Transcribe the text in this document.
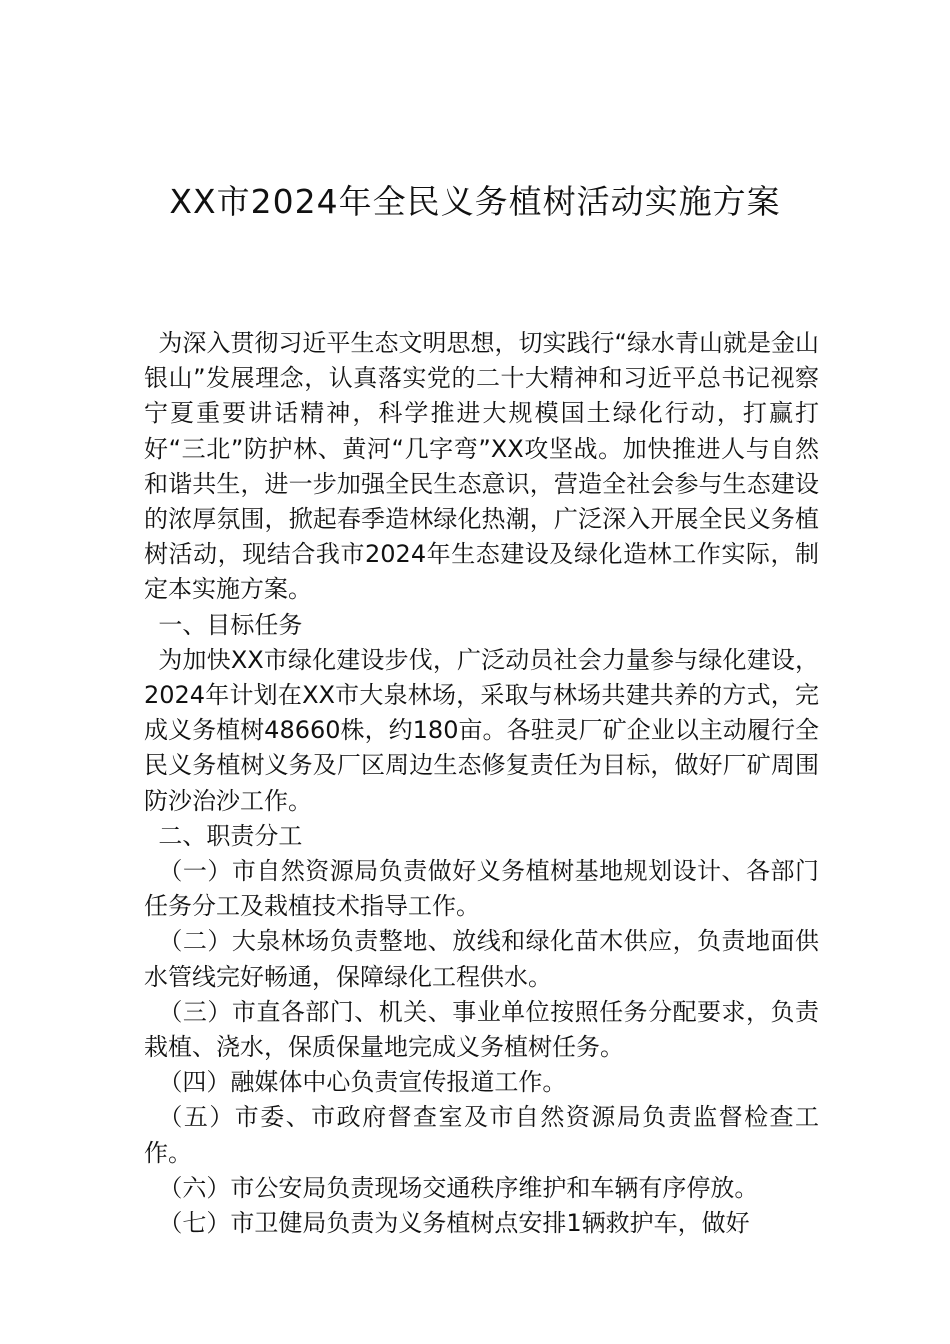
XX市2024年全民义务植树活动实施方案

为深入贯彻习近平生态文明思想，切实践行“绿水青山就是金山银山”发展理念，认真落实党的二十大精神和习近平总书记视察宁夏重要讲话精神，科学推进大规模国土绿化行动，打赢打好“三北”防护林、黄河“几字弯”XX攻坚战。加快推进人与自然和谐共生，进一步加强全民生态意识，营造全社会参与生态建设的浓厚氛围，掀起春季造林绿化热潮，广泛深入开展全民义务植树活动，现结合我市2024年生态建设及绿化造林工作实际，制定本实施方案。

一、目标任务

为加快XX市绿化建设步伐，广泛动员社会力量参与绿化建设，2024年计划在XX市大泉林场，采取与林场共建共养的方式，完成义务植树48660株，约180亩。各驻灵厂矿企业以主动履行全民义务植树义务及厂区周边生态修复责任为目标，做好厂矿周围防沙治沙工作。

二、职责分工

（一）市自然资源局负责做好义务植树基地规划设计、各部门任务分工及栽植技术指导工作。

（二）大泉林场负责整地、放线和绿化苗木供应，负责地面供水管线完好畅通，保障绿化工程供水。

（三）市直各部门、机关、事业单位按照任务分配要求，负责栽植、浇水，保质保量地完成义务植树任务。

（四）融媒体中心负责宣传报道工作。

（五）市委、市政府督查室及市自然资源局负责监督检查工作。

（六）市公安局负责现场交通秩序维护和车辆有序停放。

（七）市卫健局负责为义务植树点安排1辆救护车，做好
